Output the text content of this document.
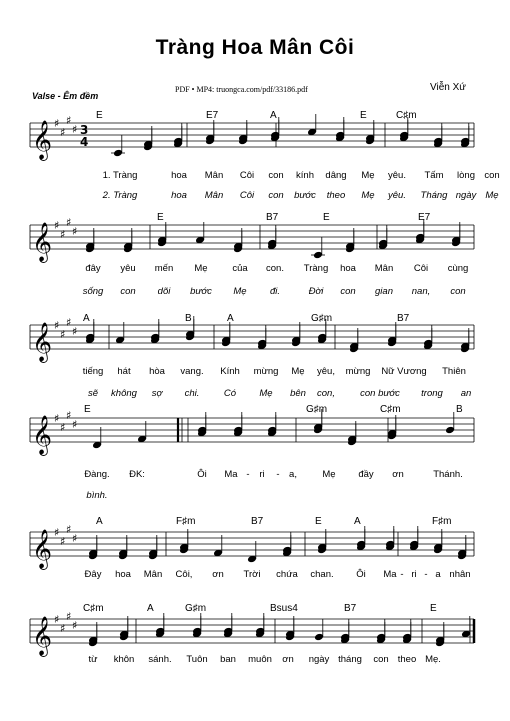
Tràng Hoa Mân Côi
PDF • MP4: truongca.com/pdf/33186.pdf	Viễn Xứ
Valse - Êm đềm
𝄞 ♯
♯
♯
♯ 3
4
E	E7	A	E	C♯m
1. Tràng	hoa Mân Côi con kính dâng Mẹ yêu. Tấm lòng con
2. Tràng	hoa Mân Côi con bước theo Mẹ yêu. Tháng ngày Mẹ
𝄞 ♯
♯
♯
♯
E	B7	E	E7
đây yêu mến Mẹ	của con. Tràng hoa Mân Côi cùng
sống con dõi bước Mẹ đi.	Đời con gian nan, con
𝄞 ♯
♯
♯
♯
A	B	A	G♯m	B7
tiếng hát hòa vang. Kính mừng Mẹ yêu, mừng Nữ Vương Thiên
sẽ không sợ chi.	Có Mẹ bên con,	con bước trong an
𝄞 ♯
♯
♯
♯
E	G♯m	C♯m	B
Đàng. ĐK:	Ôi Ma - ri - a,	Mẹ đầy ơn	Thánh.
bình.
𝄞 ♯
♯
♯
♯
A	F♯m	B7	E	A	F♯m
Đây hoa Mân Côi, ơn Trời chứa chan. Ôi Ma - ri - a nhân
𝄞 ♯
♯
♯
♯
C♯m	A	G♯m	Bsus4	B7	E
từ khôn sánh. Tuôn ban muôn ơn ngày tháng con theo Mẹ.
